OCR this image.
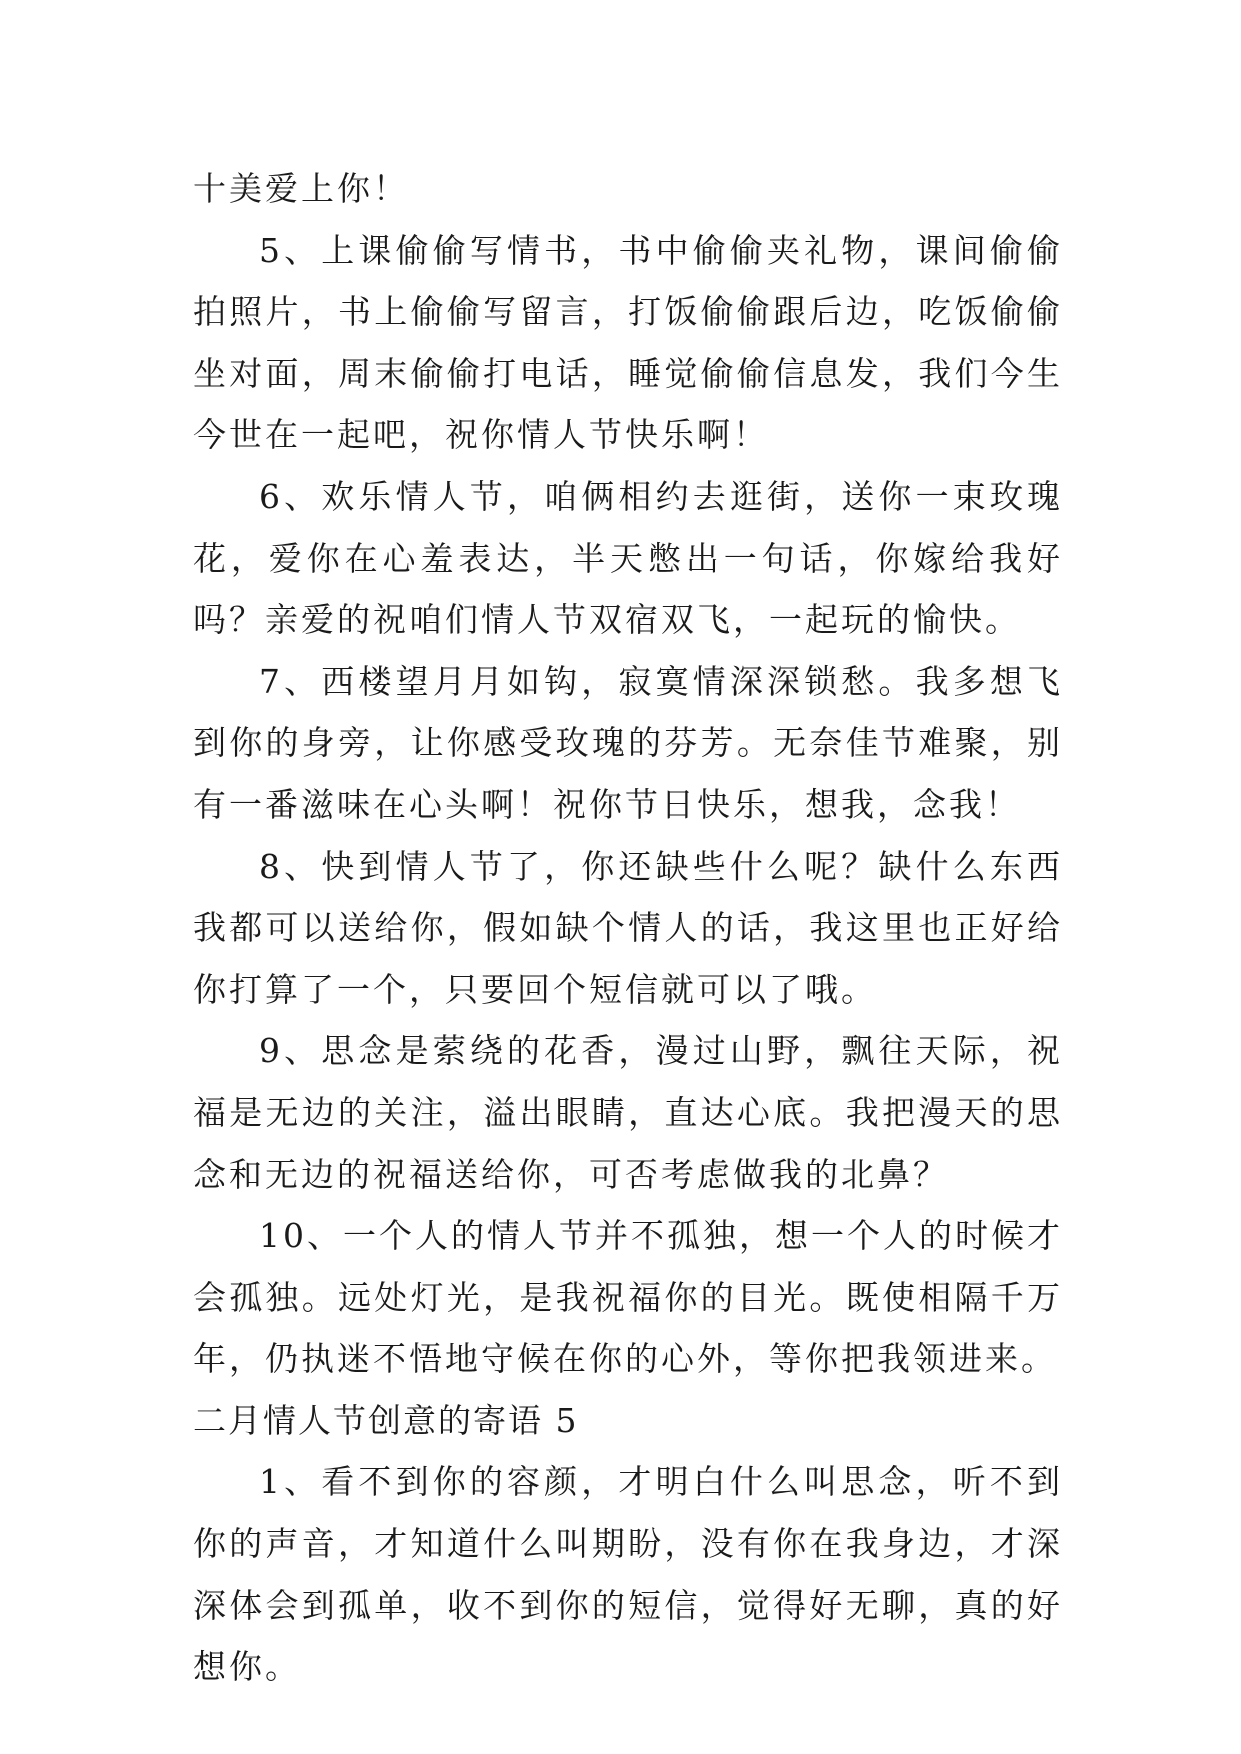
十美爱上你！

5、上课偷偷写情书，书中偷偷夹礼物，课间偷偷拍照片，书上偷偷写留言，打饭偷偷跟后边，吃饭偷偷坐对面，周末偷偷打电话，睡觉偷偷信息发，我们今生今世在一起吧，祝你情人节快乐啊！

6、欢乐情人节，咱俩相约去逛街，送你一束玫瑰花，爱你在心羞表达，半天憋出一句话，你嫁给我好吗？亲爱的祝咱们情人节双宿双飞，一起玩的愉快。

7、西楼望月月如钩，寂寞情深深锁愁。我多想飞到你的身旁，让你感受玫瑰的芬芳。无奈佳节难聚，别有一番滋味在心头啊！祝你节日快乐，想我，念我！

8、快到情人节了，你还缺些什么呢？缺什么东西我都可以送给你，假如缺个情人的话，我这里也正好给你打算了一个，只要回个短信就可以了哦。

9、思念是萦绕的花香，漫过山野，飘往天际，祝福是无边的关注，溢出眼睛，直达心底。我把漫天的思念和无边的祝福送给你，可否考虑做我的北鼻？

10、一个人的情人节并不孤独，想一个人的时候才会孤独。远处灯光，是我祝福你的目光。既使相隔千万年，仍执迷不悟地守候在你的心外，等你把我领进来。

二月情人节创意的寄语 5

1、看不到你的容颜，才明白什么叫思念，听不到你的声音，才知道什么叫期盼，没有你在我身边，才深深体会到孤单，收不到你的短信，觉得好无聊，真的好想你。
